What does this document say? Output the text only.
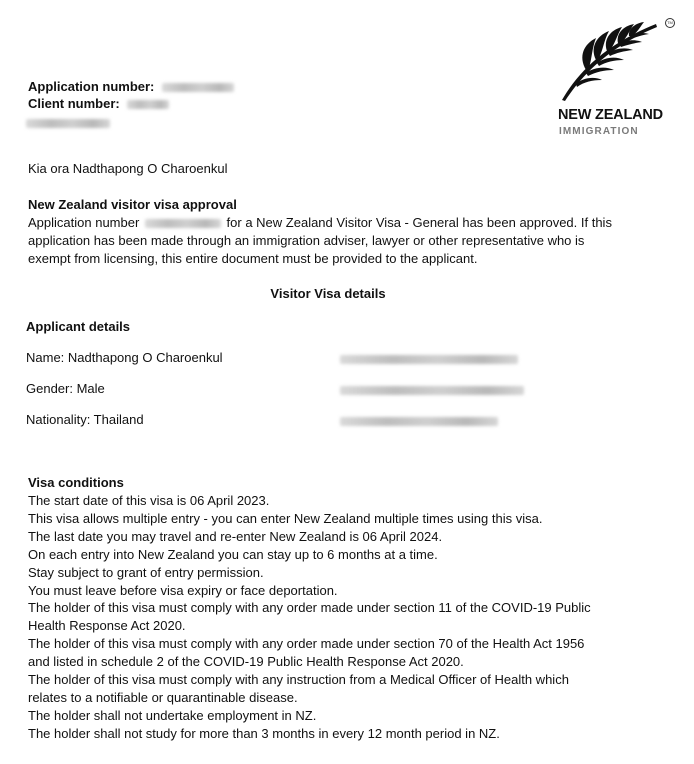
Application number:
Client number:
TM
NEW ZEALAND
IMMIGRATION
Kia ora Nadthapong O Charoenkul
New Zealand visitor visa approval
Application number	for a New Zealand Visitor Visa - General has been approved. If this
application has been made through an immigration adviser, lawyer or other representative who is
exempt from licensing, this entire document must be provided to the applicant.
Visitor Visa details
Applicant details
Name: Nadthapong O Charoenkul
Gender: Male
Nationality: Thailand
Visa conditions
The start date of this visa is 06 April 2023.
This visa allows multiple entry - you can enter New Zealand multiple times using this visa.
The last date you may travel and re-enter New Zealand is 06 April 2024.
On each entry into New Zealand you can stay up to 6 months at a time.
Stay subject to grant of entry permission.
You must leave before visa expiry or face deportation.
The holder of this visa must comply with any order made under section 11 of the COVID-19 Public
Health Response Act 2020.
The holder of this visa must comply with any order made under section 70 of the Health Act 1956
and listed in schedule 2 of the COVID-19 Public Health Response Act 2020.
The holder of this visa must comply with any instruction from a Medical Officer of Health which
relates to a notifiable or quarantinable disease.
The holder shall not undertake employment in NZ.
The holder shall not study for more than 3 months in every 12 month period in NZ.
